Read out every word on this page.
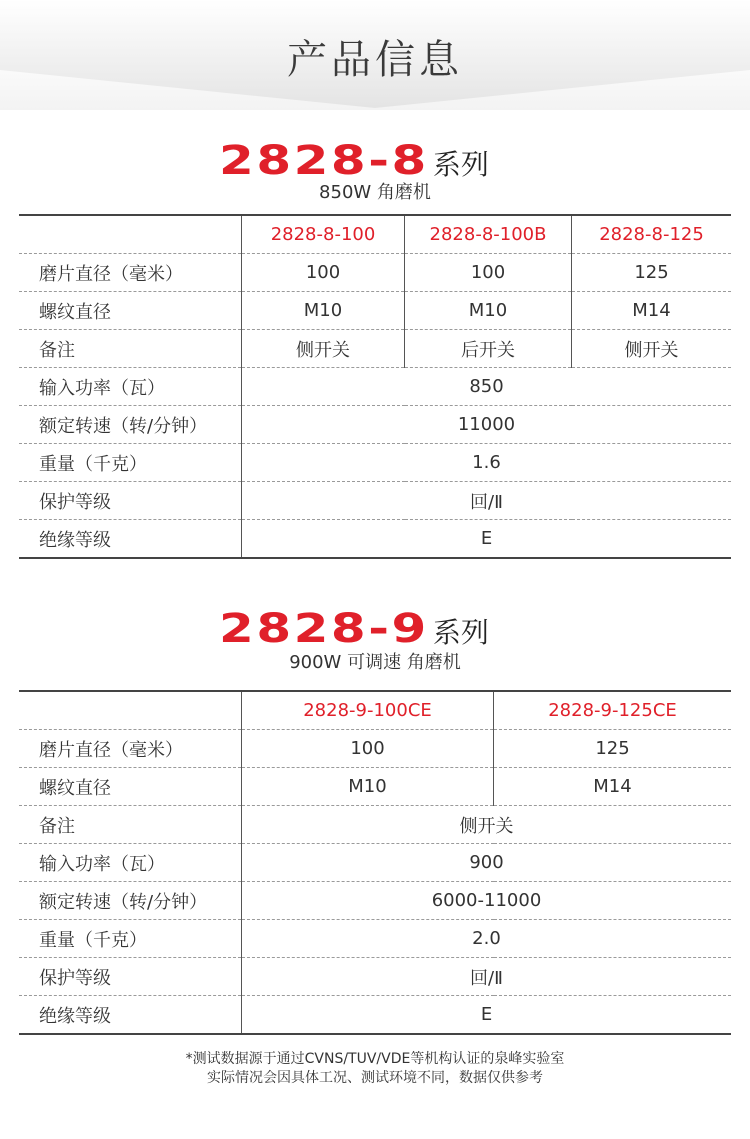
产品信息
2828-8 系列
850W 角磨机
	2828-8-100	2828-8-100B	2828-8-125
磨片直径（毫米）	100	100	125
螺纹直径	M10	M10	M14
备注	侧开关	后开关	侧开关
输入功率（瓦）	850		
额定转速（转/分钟）	11000		
重量（千克）	1.6		
保护等级	回/Ⅱ		
绝缘等级	E		
2828-9 系列
900W 可调速 角磨机
	2828-9-100CE	2828-9-125CE
磨片直径（毫米）	100	125
螺纹直径	M10	M14
备注	侧开关	
输入功率（瓦）	900	
额定转速（转/分钟）	6000-11000	
重量（千克）	2.0	
保护等级	回/Ⅱ	
绝缘等级	E	
*测试数据源于通过CVNS/TUV/VDE等机构认证的泉峰实验室
实际情况会因具体工况、测试环境不同，数据仅供参考
